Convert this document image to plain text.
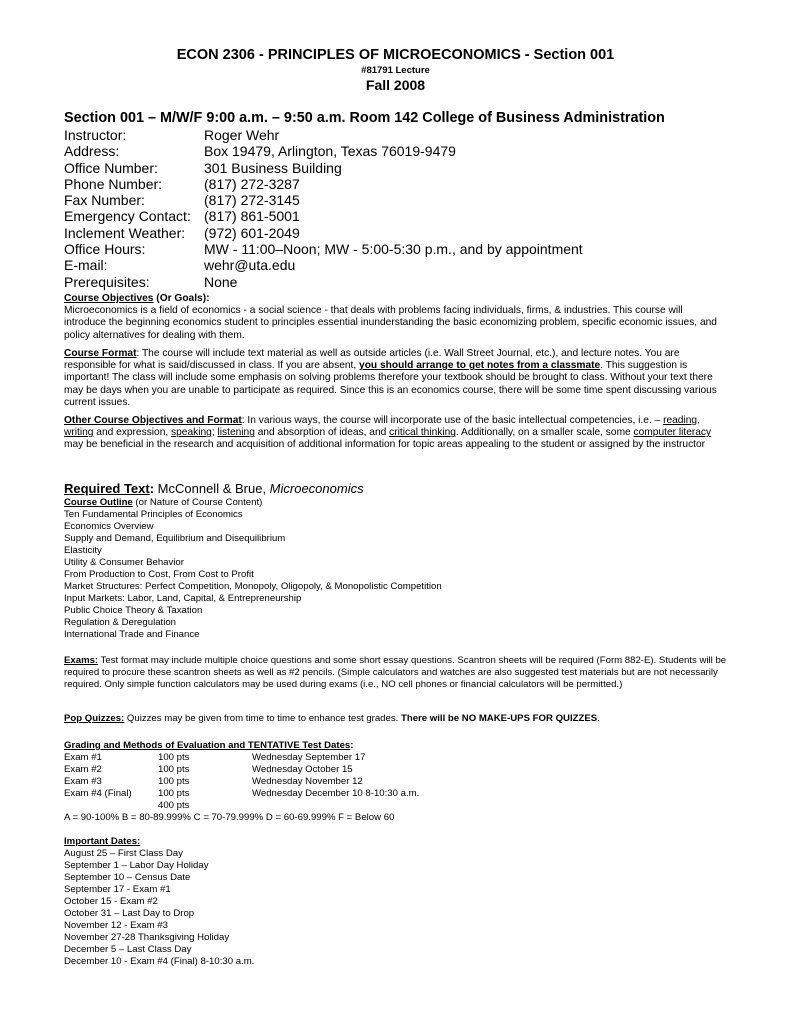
ECON 2306 - PRINCIPLES OF MICROECONOMICS - Section 001
#81791 Lecture
Fall 2008
Section 001 – M/W/F 9:00 a.m. – 9:50 a.m. Room 142 College of Business Administration
Instructor:	Roger Wehr
Address:	Box 19479, Arlington, Texas 76019-9479
Office Number:	301 Business Building
Phone Number:	(817) 272-3287
Fax Number:	(817) 272-3145
Emergency Contact: (817) 861-5001
Inclement Weather: (972) 601-2049
Office Hours:	MW - 11:00–Noon; MW - 5:00-5:30 p.m., and by appointment
E-mail:	wehr@uta.edu
Prerequisites:	None
Course Objectives (Or Goals):
Microeconomics is a field of economics - a social science - that deals with problems facing individuals, firms, & industries. This course will introduce the beginning economics student to principles essential inunderstanding the basic economizing problem, specific economic issues, and policy alternatives for dealing with them.
Course Format: The course will include text material as well as outside articles (i.e. Wall Street Journal, etc.), and lecture notes. You are responsible for what is said/discussed in class. If you are absent, you should arrange to get notes from a classmate. This suggestion is important! The class will include some emphasis on solving problems therefore your textbook should be brought to class. Without your text there may be days when you are unable to participate as required. Since this is an economics course, there will be some time spent discussing various current issues.
Other Course Objectives and Format: In various ways, the course will incorporate use of the basic intellectual competencies, i.e. – reading, writing and expression, speaking; listening and absorption of ideas, and critical thinking. Additionally, on a smaller scale, some computer literacy may be beneficial in the research and acquisition of additional information for topic areas appealing to the student or assigned by the instructor
Required Text: McConnell & Brue, Microeconomics
Course Outline (or Nature of Course Content)
Ten Fundamental Principles of Economics
Economics Overview
Supply and Demand, Equilibrium and Disequilibrium
Elasticity
Utility & Consumer Behavior
From Production to Cost, From Cost to Profit
Market Structures: Perfect Competition, Monopoly, Oligopoly, & Monopolistic Competition
Input Markets: Labor, Land, Capital, & Entrepreneurship
Public Choice Theory & Taxation
Regulation & Deregulation
International Trade and Finance
Exams: Test format may include multiple choice questions and some short essay questions. Scantron sheets will be required (Form 882-E). Students will be required to procure these scantron sheets as well as #2 pencils. (Simple calculators and watches are also suggested test materials but are not necessarily required. Only simple function calculators may be used during exams (i.e., NO cell phones or financial calculators will be permitted.)
Pop Quizzes: Quizzes may be given from time to time to enhance test grades. There will be NO MAKE-UPS FOR QUIZZES.
Grading and Methods of Evaluation and TENTATIVE Test Dates:
Exam #1	100 pts	Wednesday September 17
Exam #2	100 pts	Wednesday October 15
Exam #3	100 pts	Wednesday November 12
Exam #4 (Final)	100 pts	Wednesday December 10 8-10:30 a.m.
400 pts
A = 90-100% B = 80-89.999% C = 70-79.999% D = 60-69.999% F = Below 60
Important Dates:
August 25 – First Class Day
September 1 – Labor Day Holiday
September 10 – Census Date
September 17 - Exam #1
October 15 - Exam #2
October 31 – Last Day to Drop
November 12 - Exam #3
November 27-28 Thanksgiving Holiday
December 5 – Last Class Day
December 10 - Exam #4 (Final) 8-10:30 a.m.
